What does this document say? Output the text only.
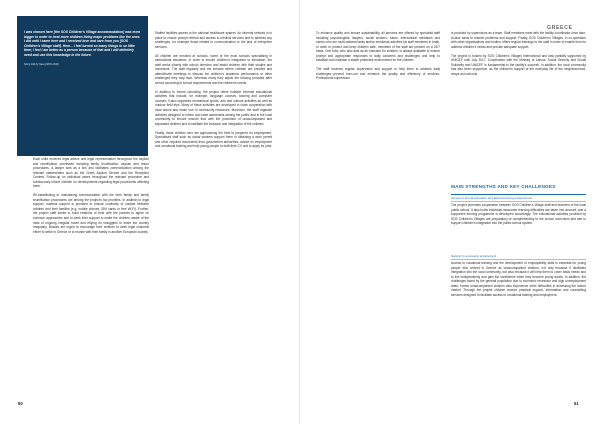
I was chosen here [the SOS Children's Village accommodation] was even bigger in order to host more children living major problems like the ones I did until I came here and I received love and care from you [SOS Children's Village staff]. Here... I feel turned so many things in so little time; I feel I am better as a person because of that and I will definitely need and use this knowledge in the future.
Story told by Sara (SOS child)

Each child receives legal advice and legal representation throughout the asylum and reunification processes including family reunification, asylum and return procedures. A lawyer acts as a link and facilitates communication among the relevant stakeholders such as the Greek Asylum Service and the Reception Centres. Follow-up on individual cases throughout the relevant procedure and continuously inform children on developments regarding legal procedures affecting them.

Re-establishing or maintaining communication with the birth family and family reunification procedures are among the project's top priorities. In addition to legal support, material support is provided to ensure continuity of contact between children and their families (e.g. mobile phones, SIM cards or free Wi-Fi). Further, the project staff seeks to build relations of trust with the parents to agree on common approaches and to seek their support to make the children aware of the risks of ongoing irregular travel and relying on smugglers to leave the country irregularly. Bosses are urged to encourage their children to seek legal channels either to settle in Greece or to reunite with their family in another European country.

Staffed facilities access to the national healthcare system. An informal network is in place to ensure prompt referral and access to medical services and to address any challenges, for example those related to communication or the lack of interpreter services.

All children are enrolled at schools, some of the most schools specialising in intercultural education. In order to ensure children's integration to education, the staff works closely with school directors and assist children with their studies and homework. The staff regularly visit the schools where children are enrolled and attend/invite meetings to discuss the children's academic performance or other challenges they may face. Whereas many they adjust the tutoring provided after school according to school requirements and the children's needs.

In addition to formal schooling, the project offers multiple informal educational activities that include, for example, language courses, tutoring and computer courses; it also organises recreational sports, arts and cultural activities as well as outdoor field trips. Many of these activities are developed in close cooperation with local actors and make use of community resources. Moreover, the staff organise activities designed to inform and raise awareness among the public and in the local community to ensure smooth flow with the promotion of unaccompanied and separated children and to facilitate the inclusion and integration of the children.

Finally, those children who are approaching the time to prepared for employment. Specialised staff such as social workers support them in obtaining a work permit and other required documents from government authorities, advise on employment and vocational training and help young people to draft their CV and to apply for jobs.

50
GREECE

To enhance quality and ensure sustainability, all services are offered by specialist staff including psychologists, lawyers, social workers, tutors, intercultural mediators and carers who are multi-national tasks and/or emotional activities (at staff members in total). In order to protect and keep children safe, members of the staff are present on a 24/7 basis. One tutor, who also acts as an educator for children, is always available to ensure prompt and appropriate responses to daily concerns and challenges and help to establish and maintain a stable protective environment for the children.

The staff receives regular supervision and support to help them to address daily challenges prevent burn-out and enhance the quality and efficiency of services. Professional supervision

is provided by supervisors as a team. Staff members meet with the facility coordinator once face-to-face basis to resolve problems and support. Finally, SOS Children's Villages, in co-operation with other organisations and bodies, offers regular trainings to the staff in order to enable them to address children's needs and provide adequate support.

The project is funded by SOS Children's Villages International and was partially supported by UNICEF until July 2017. Cooperation with the Ministry of Labour, Social Security and Social Solidarity and UNICEF is fundamental to the facility's success. In addition, the local community has also been supportive, as the children's support of the everyday life of the neighbourhood, shops and schools.

MAIN STRENGTHS AND KEY CHALLENGES
Access to formal education and tailored tutoring programmes
The project promotes cooperation between SOS Children's Village staff and teachers of the local public school. It also holds individual newcomer learning difficulties are taken into account, and a supportive tutoring programme is developed accordingly. The educational activities provided by SOS Children's Villages are preparatory or complementary to the school curriculum and aim to support children's integration into the public school system.
Support to accessing employment
Access to vocational training and the development of employability skills is essential for young people who arrived in Greece as unaccompanied children, not only because it facilitates integration into the local community, but also because it will help them to cover basic needs and to live independently and gain the confidence when they become young adults. In addition, the challenges faced by the general population due to economic recession and high unemployment rates, former unaccompanied children also experience other difficulties in accessing the labour market. Through the project children receive practical support, information and counselling services designed to facilitate access to vocational training and employment.
51
